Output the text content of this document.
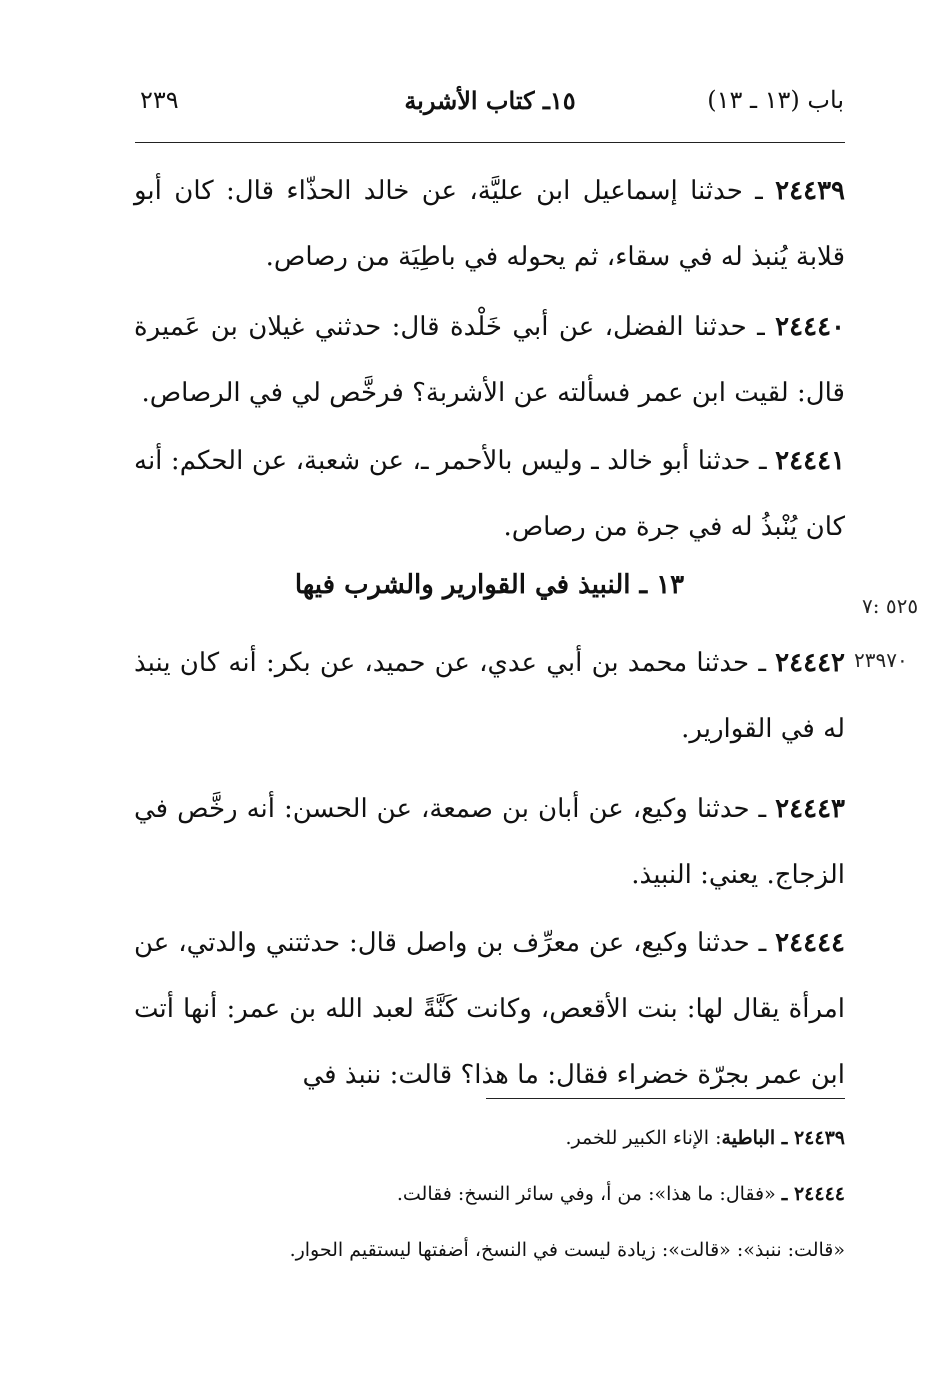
٢٣٩	١٥ـ كتاب الأشربة	باب (١٣ ـ ١٣)
٢٤٤٣٩ ـ حدثنا إسماعيل ابن عليَّة، عن خالد الحذّاء قال: كان أبو قلابة يُنبذ له في سقاء، ثم يحوله في باطِيَة من رصاص.
٢٤٤٤٠ ـ حدثنا الفضل، عن أبي خَلْدة قال: حدثني غيلان بن عَميرة قال: لقيت ابن عمر فسألته عن الأشربة؟ فرخَّص لي في الرصاص.
٢٤٤٤١ ـ حدثنا أبو خالد ـ وليس بالأحمر ـ، عن شعبة، عن الحكم: أنه كان يُنْبذُ له في جرة من رصاص.
١٣ ـ النبيذ في القوارير والشرب فيها
٥٢٥ :٧
٢٣٩٧٠
٢٤٤٤٢ ـ حدثنا محمد بن أبي عدي، عن حميد، عن بكر: أنه كان ينبذ له في القوارير.
٢٤٤٤٣ ـ حدثنا وكيع، عن أبان بن صمعة، عن الحسن: أنه رخَّص في الزجاج. يعني: النبيذ.
٢٤٤٤٤ ـ حدثنا وكيع، عن معرِّف بن واصل قال: حدثتني والدتي، عن امرأة يقال لها: بنت الأقعص، وكانت كَنَّةً لعبد الله بن عمر: أنها أتت ابن عمر بجرّة خضراء فقال: ما هذا؟ قالت: ننبذ في
٢٤٤٣٩ ـ الباطية: الإناء الكبير للخمر.
٢٤٤٤٤ ـ «فقال: ما هذا»: من أ، وفي سائر النسخ: فقالت.
«قالت: ننبذ»: «قالت»: زيادة ليست في النسخ، أضفتها ليستقيم الحوار.
